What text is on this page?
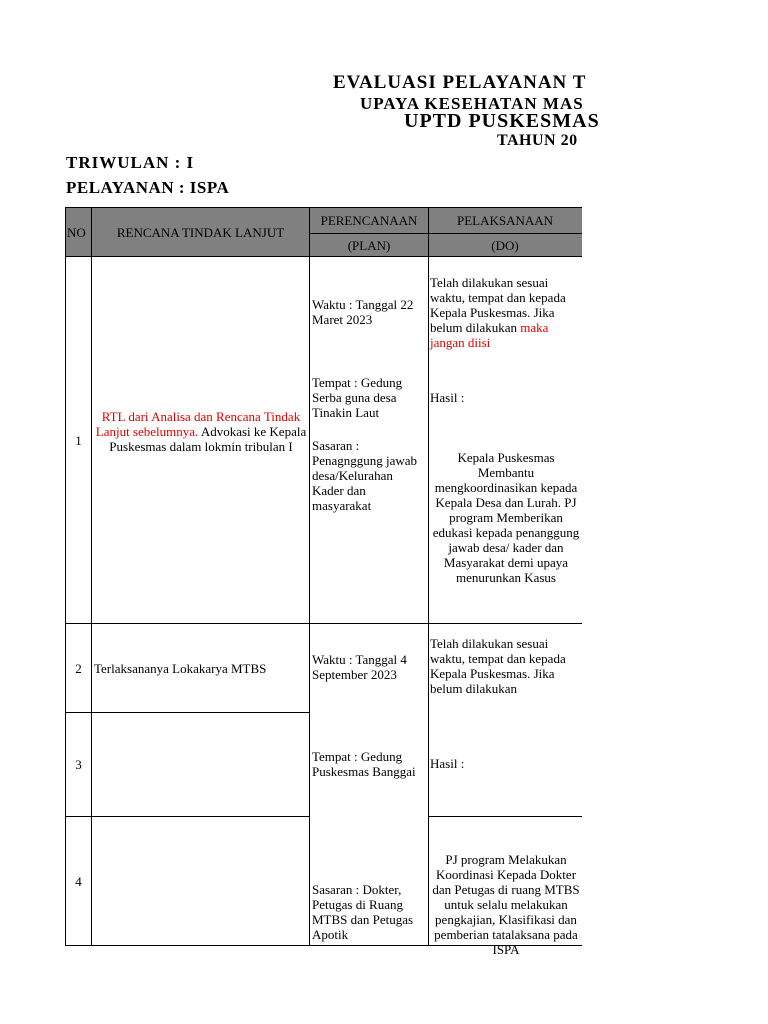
EVALUASI PELAYANAN T
UPAYA KESEHATAN MAS
UPTD PUSKESMAS
TAHUN 20
TRIWULAN : I
PELAYANAN : ISPA
NO	RENCANA TINDAK LANJUT
PERENCANAAN
(PLAN)
PELAKSANAAN
(DO)
1
RTL dari Analisa dan Rencana Tindak Lanjut sebelumnya. Advokasi ke Kepala Puskesmas dalam lokmin tribulan I
Waktu : Tanggal 22 Maret 2023
Tempat : Gedung Serba guna desa Tinakin Laut
Sasaran : Penagnggung jawab desa/Kelurahan Kader dan masyarakat
Telah dilakukan sesuai waktu, tempat dan kepada Kepala Puskesmas. Jika belum dilakukan maka jangan diisi
Hasil :
Kepala Puskesmas Membantu mengkoordinasikan kepada Kepala Desa dan Lurah. PJ program Memberikan edukasi kepada penanggung jawab desa/ kader dan Masyarakat demi upaya menurunkan Kasus
2 Terlaksananya Lokakarya MTBS
3
4
Waktu : Tanggal 4 September 2023
Tempat : Gedung Puskesmas Banggai
Sasaran : Dokter, Petugas di Ruang MTBS dan Petugas Apotik
Telah dilakukan sesuai waktu, tempat dan kepada Kepala Puskesmas. Jika belum dilakukan
Hasil :
PJ program Melakukan Koordinasi Kepada Dokter dan Petugas di ruang MTBS untuk selalu melakukan pengkajian, Klasifikasi dan pemberian tatalaksana pada ISPA
